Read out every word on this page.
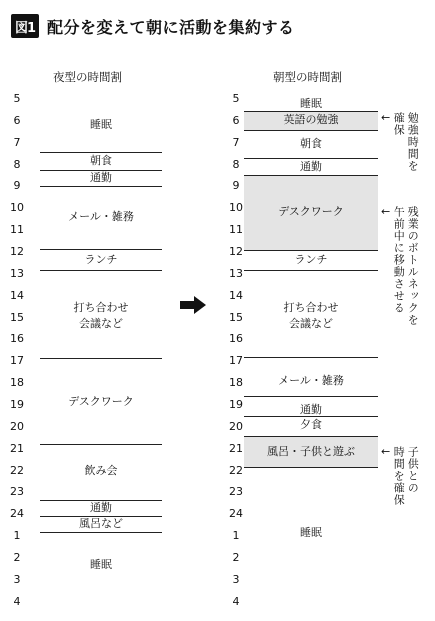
図1 配分を変えて朝に活動を集約する
夜型の時間割	朝型の時間割
5
6
7
8
9
10
11
12
13
14
15
16
17
18
19
20
21
22
23
24
1
2
3
4
5
6
7
8
9
10
11
12
13
14
15
16
17
18
19
20
21
22
23
24
1
2
3
4
睡眠
朝食
通勤
メール・雑務
ランチ
打ち合わせ
会議など
デスクワーク
飲み会
通勤
風呂など
睡眠
睡眠
英語の勉強
朝食
通勤
デスクワーク
ランチ
打ち合わせ
会議など
メール・雑務
通勤
夕食
風呂・子供と遊ぶ
睡眠
← 勉強時間を
確保
← 残業のボトルネックを
午前中に移動させる
← 子供との
時間を確保
